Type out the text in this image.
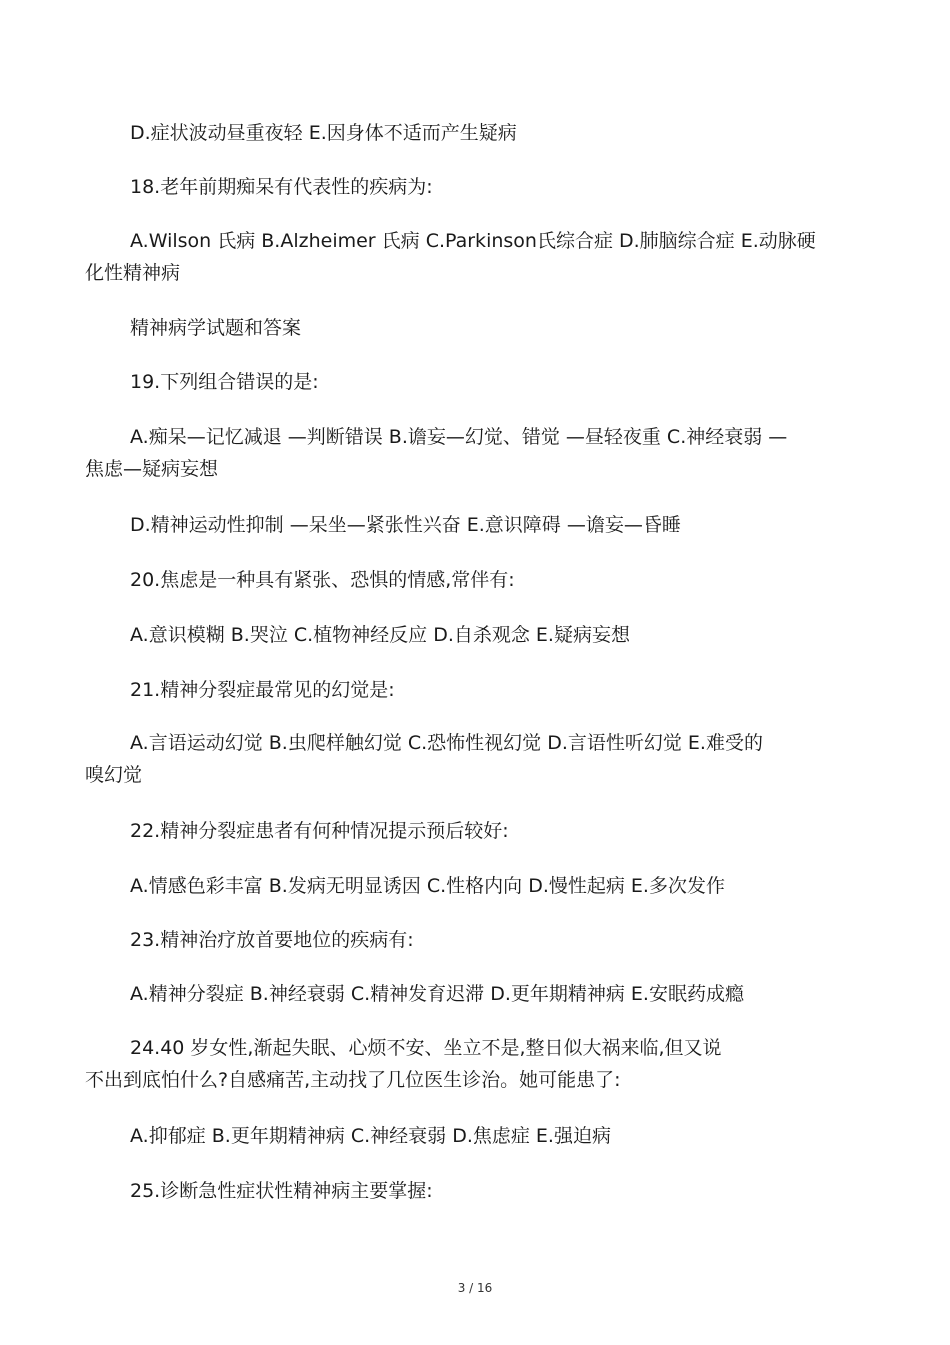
D.症状波动昼重夜轻 E.因身体不适而产生疑病

18.老年前期痴呆有代表性的疾病为:

A.Wilson 氏病 B.Alzheimer 氏病 C.Parkinson氏综合症 D.肺脑综合症 E.动脉硬

化性精神病

精神病学试题和答案

19.下列组合错误的是:

A.痴呆—记忆减退 —判断错误 B.谵妄—幻觉、错觉 —昼轻夜重 C.神经衰弱 —

焦虑—疑病妄想

D.精神运动性抑制 —呆坐—紧张性兴奋 E.意识障碍 —谵妄—昏睡

20.焦虑是一种具有紧张、恐惧的情感,常伴有:

A.意识模糊 B.哭泣 C.植物神经反应 D.自杀观念 E.疑病妄想

21.精神分裂症最常见的幻觉是:

A.言语运动幻觉 B.虫爬样触幻觉 C.恐怖性视幻觉 D.言语性听幻觉 E.难受的

嗅幻觉

22.精神分裂症患者有何种情况提示预后较好:

A.情感色彩丰富 B.发病无明显诱因 C.性格内向 D.慢性起病 E.多次发作

23.精神治疗放首要地位的疾病有:

A.精神分裂症 B.神经衰弱 C.精神发育迟滞 D.更年期精神病 E.安眠药成瘾

24.40 岁女性,渐起失眠、心烦不安、坐立不是,整日似大祸来临,但又说

不出到底怕什么?自感痛苦,主动找了几位医生诊治。她可能患了:

A.抑郁症 B.更年期精神病 C.神经衰弱 D.焦虑症 E.强迫病

25.诊断急性症状性精神病主要掌握:

3 / 16
